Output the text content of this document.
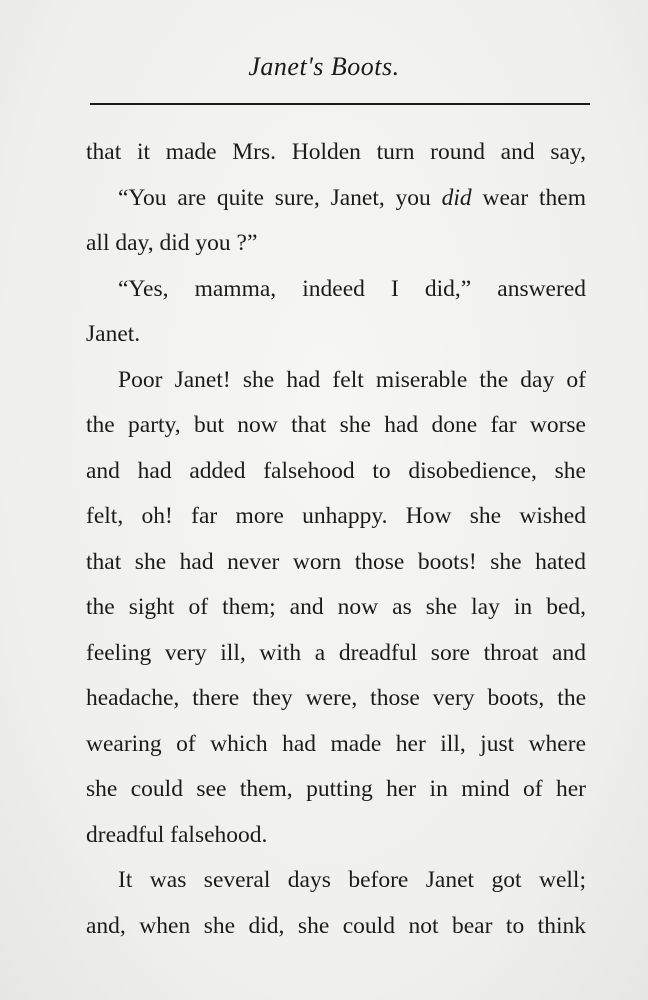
Janet's Boots.
that it made Mrs. Holden turn round and say,
“You are quite sure, Janet, you did wear them
all day, did you ?”
“Yes, mamma, indeed I did,” answered
Janet.
Poor Janet! she had felt miserable the day of
the party, but now that she had done far worse
and had added falsehood to disobedience, she
felt, oh! far more unhappy. How she wished
that she had never worn those boots! she hated
the sight of them; and now as she lay in bed,
feeling very ill, with a dreadful sore throat and
headache, there they were, those very boots, the
wearing of which had made her ill, just where
she could see them, putting her in mind of her
dreadful falsehood.
It was several days before Janet got well;
and, when she did, she could not bear to think
